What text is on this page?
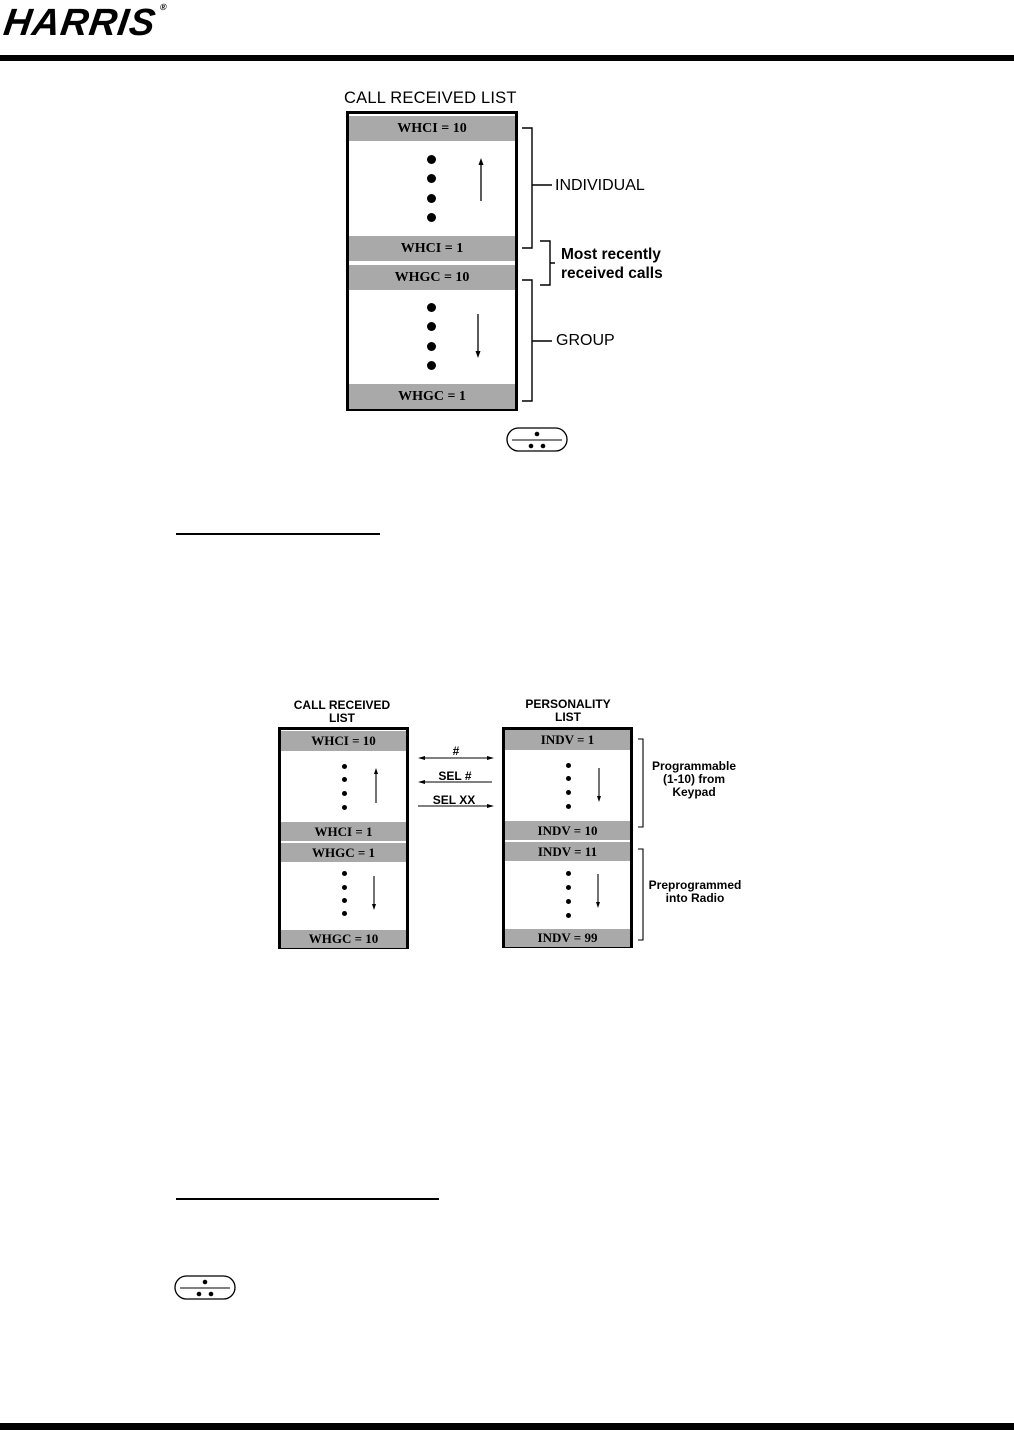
HARRIS®
CALL RECEIVED LIST
WHCI = 10
WHCI = 1
WHGC = 10
WHGC = 1
INDIVIDUAL
Most recently
received calls
GROUP
CALL RECEIVED
LIST
PERSONALITY
LIST
WHCI = 10
WHCI = 1
WHGC = 1
WHGC = 10
INDV = 1
INDV = 10
INDV = 11
INDV = 99
#
SEL #
SEL XX
Programmable
(1-10) from
Keypad
Preprogrammed
into Radio
